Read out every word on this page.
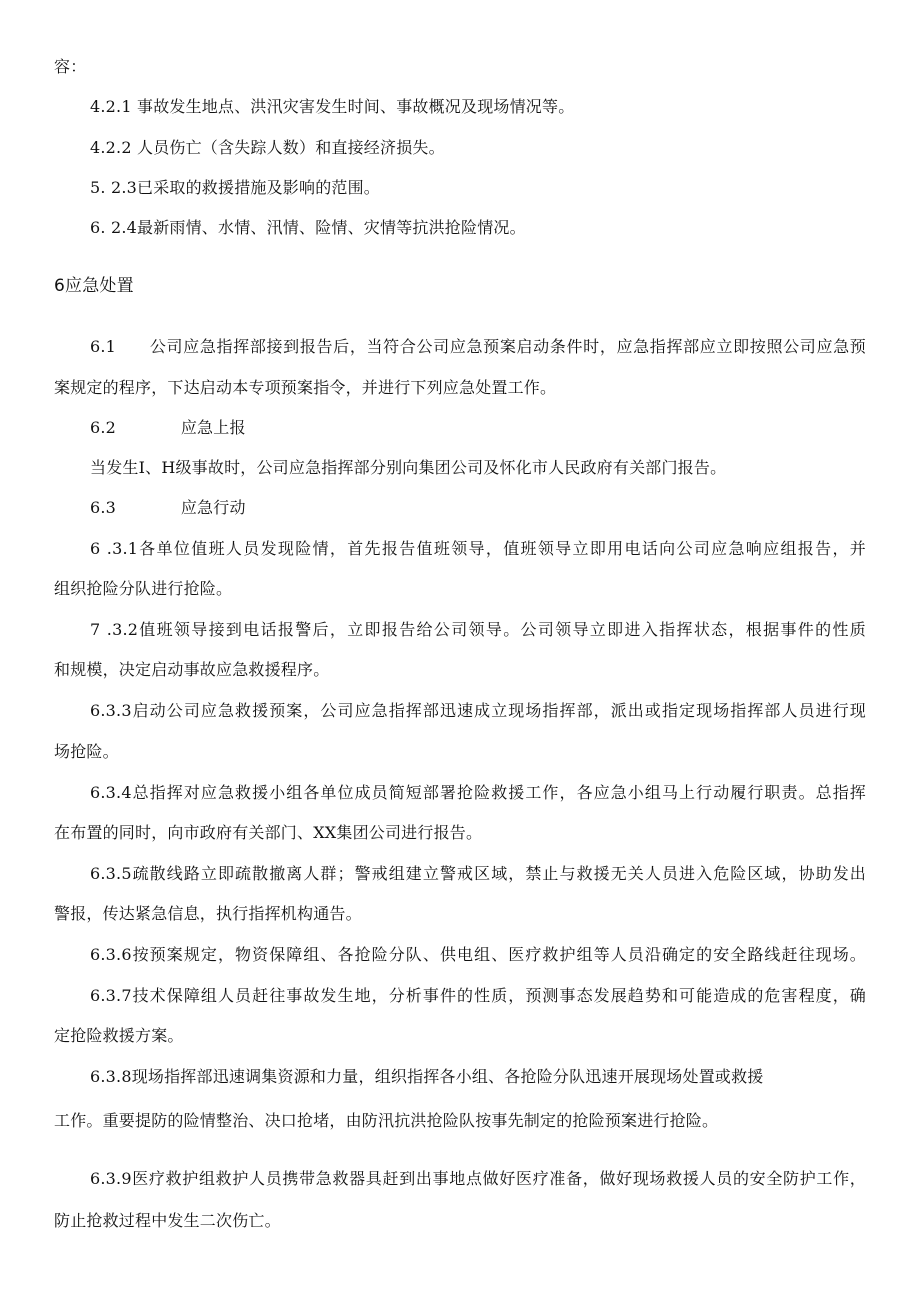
容：
4.2.1 事故发生地点、洪汛灾害发生时间、事故概况及现场情况等。
4.2.2 人员伤亡（含失踪人数）和直接经济损失。
5. 2.3已采取的救援措施及影响的范围。
6. 2.4最新雨情、水情、汛情、险情、灾情等抗洪抢险情况。
6应急处置
6.1　　公司应急指挥部接到报告后，当符合公司应急预案启动条件时，应急指挥部应立即按照公司应急预
案规定的程序，下达启动本专项预案指令，并进行下列应急处置工作。
6.2　　　　应急上报
当发生I、H级事故时，公司应急指挥部分别向集团公司及怀化市人民政府有关部门报告。
6.3　　　　应急行动
6 .3.1各单位值班人员发现险情，首先报告值班领导，值班领导立即用电话向公司应急响应组报告，并
组织抢险分队进行抢险。
7 .3.2值班领导接到电话报警后，立即报告给公司领导。公司领导立即进入指挥状态，根据事件的性质
和规模，决定启动事故应急救援程序。
6.3.3启动公司应急救援预案，公司应急指挥部迅速成立现场指挥部，派出或指定现场指挥部人员进行现
场抢险。
6.3.4总指挥对应急救援小组各单位成员简短部署抢险救援工作，各应急小组马上行动履行职责。总指挥
在布置的同时，向市政府有关部门、XX集团公司进行报告。
6.3.5疏散线路立即疏散撤离人群；警戒组建立警戒区域，禁止与救援无关人员进入危险区域，协助发出
警报，传达紧急信息，执行指挥机构通告。
6.3.6按预案规定，物资保障组、各抢险分队、供电组、医疗救护组等人员沿确定的安全路线赶往现场。
6.3.7技术保障组人员赶往事故发生地，分析事件的性质，预测事态发展趋势和可能造成的危害程度，确
定抢险救援方案。
6.3.8现场指挥部迅速调集资源和力量，组织指挥各小组、各抢险分队迅速开展现场处置或救援
工作。重要提防的险情整治、决口抢堵，由防汛抗洪抢险队按事先制定的抢险预案进行抢险。
6.3.9医疗救护组救护人员携带急救器具赶到出事地点做好医疗准备，做好现场救援人员的安全防护工作，
防止抢救过程中发生二次伤亡。
